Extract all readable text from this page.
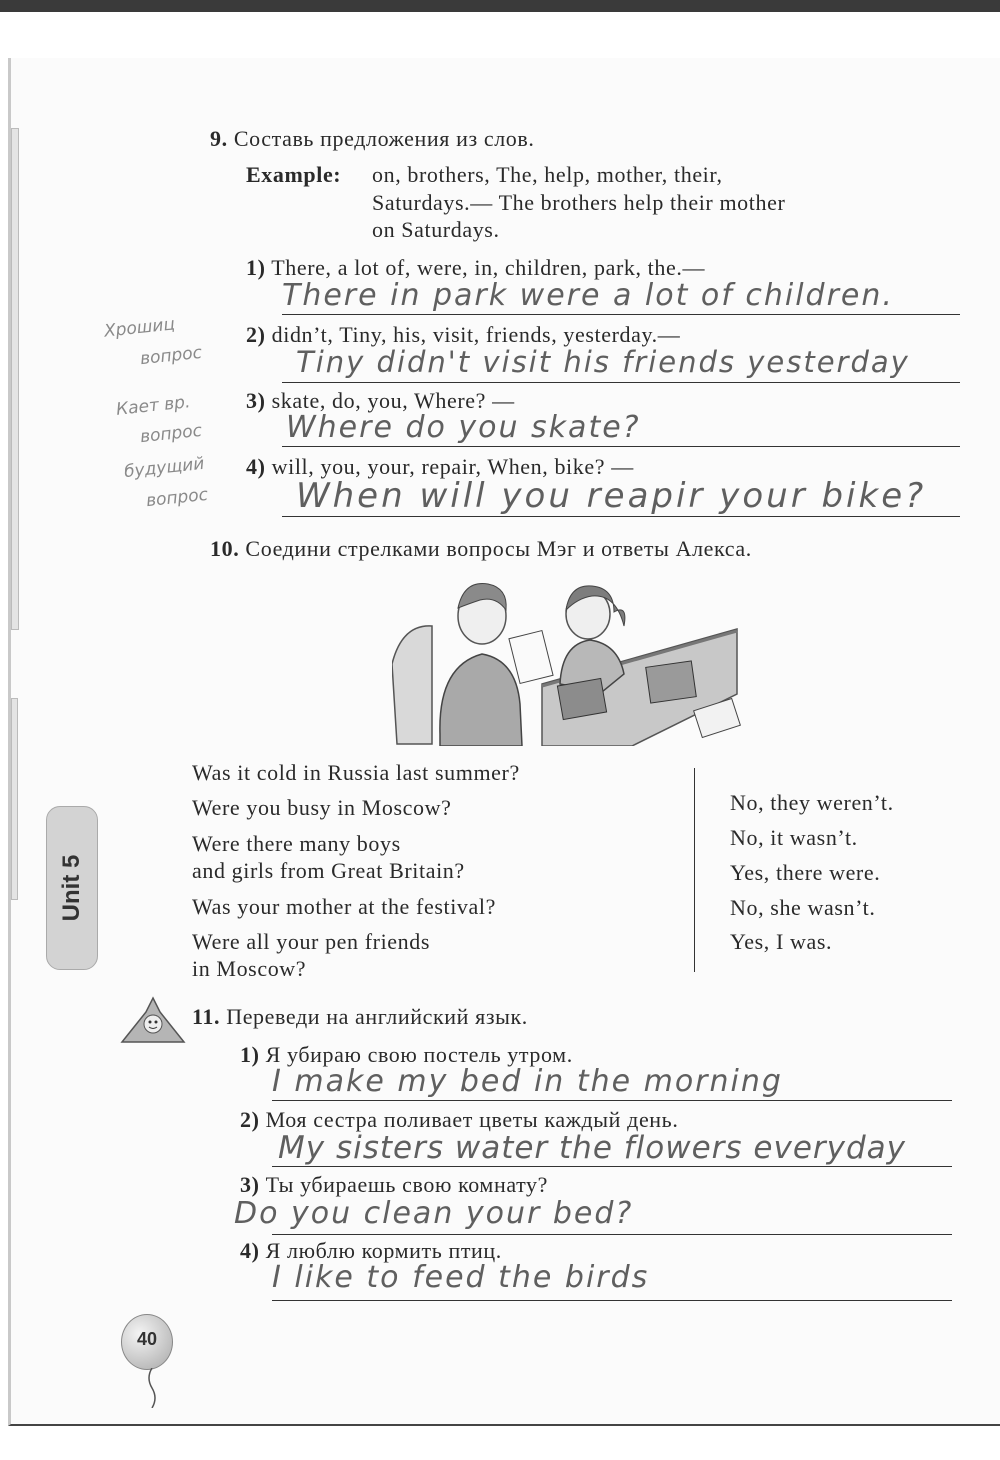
9. Составь предложения из слов.
Example: on, brothers, The, help, mother, their,
Saturdays.— The brothers help their mother
on Saturdays.
1) There, a lot of, were, in, children, park, the.—
There in park were a lot of children.
2) didn’t, Tiny, his, visit, friends, yesterday.—
Tiny didn't visit his friends yesterday
3) skate, do, you, Where? —
Where do you skate?
4) will, you, your, repair, When, bike? —
When will you reapir your bike?
Хрошиц
вопрос
Кает вр.
вопрос
будущий
вопрос
10. Соедини стрелками вопросы Мэг и ответы Алекса.
Was it cold in Russia last summer?
Were you busy in Moscow?
Were there many boys
and girls from Great Britain?
Was your mother at the festival?
Were all your pen friends
in Moscow?
No, they weren’t.
No, it wasn’t.
Yes, there were.
No, she wasn’t.
Yes, I was.
Unit 5
11. Переведи на английский язык.
1) Я убираю свою постель утром.
I make my bed in the morning
2) Моя сестра поливает цветы каждый день.
My sisters water the flowers everyday
3) Ты убираешь свою комнату?
Do you clean your bed?
4) Я люблю кормить птиц.
I like to feed the birds
40
